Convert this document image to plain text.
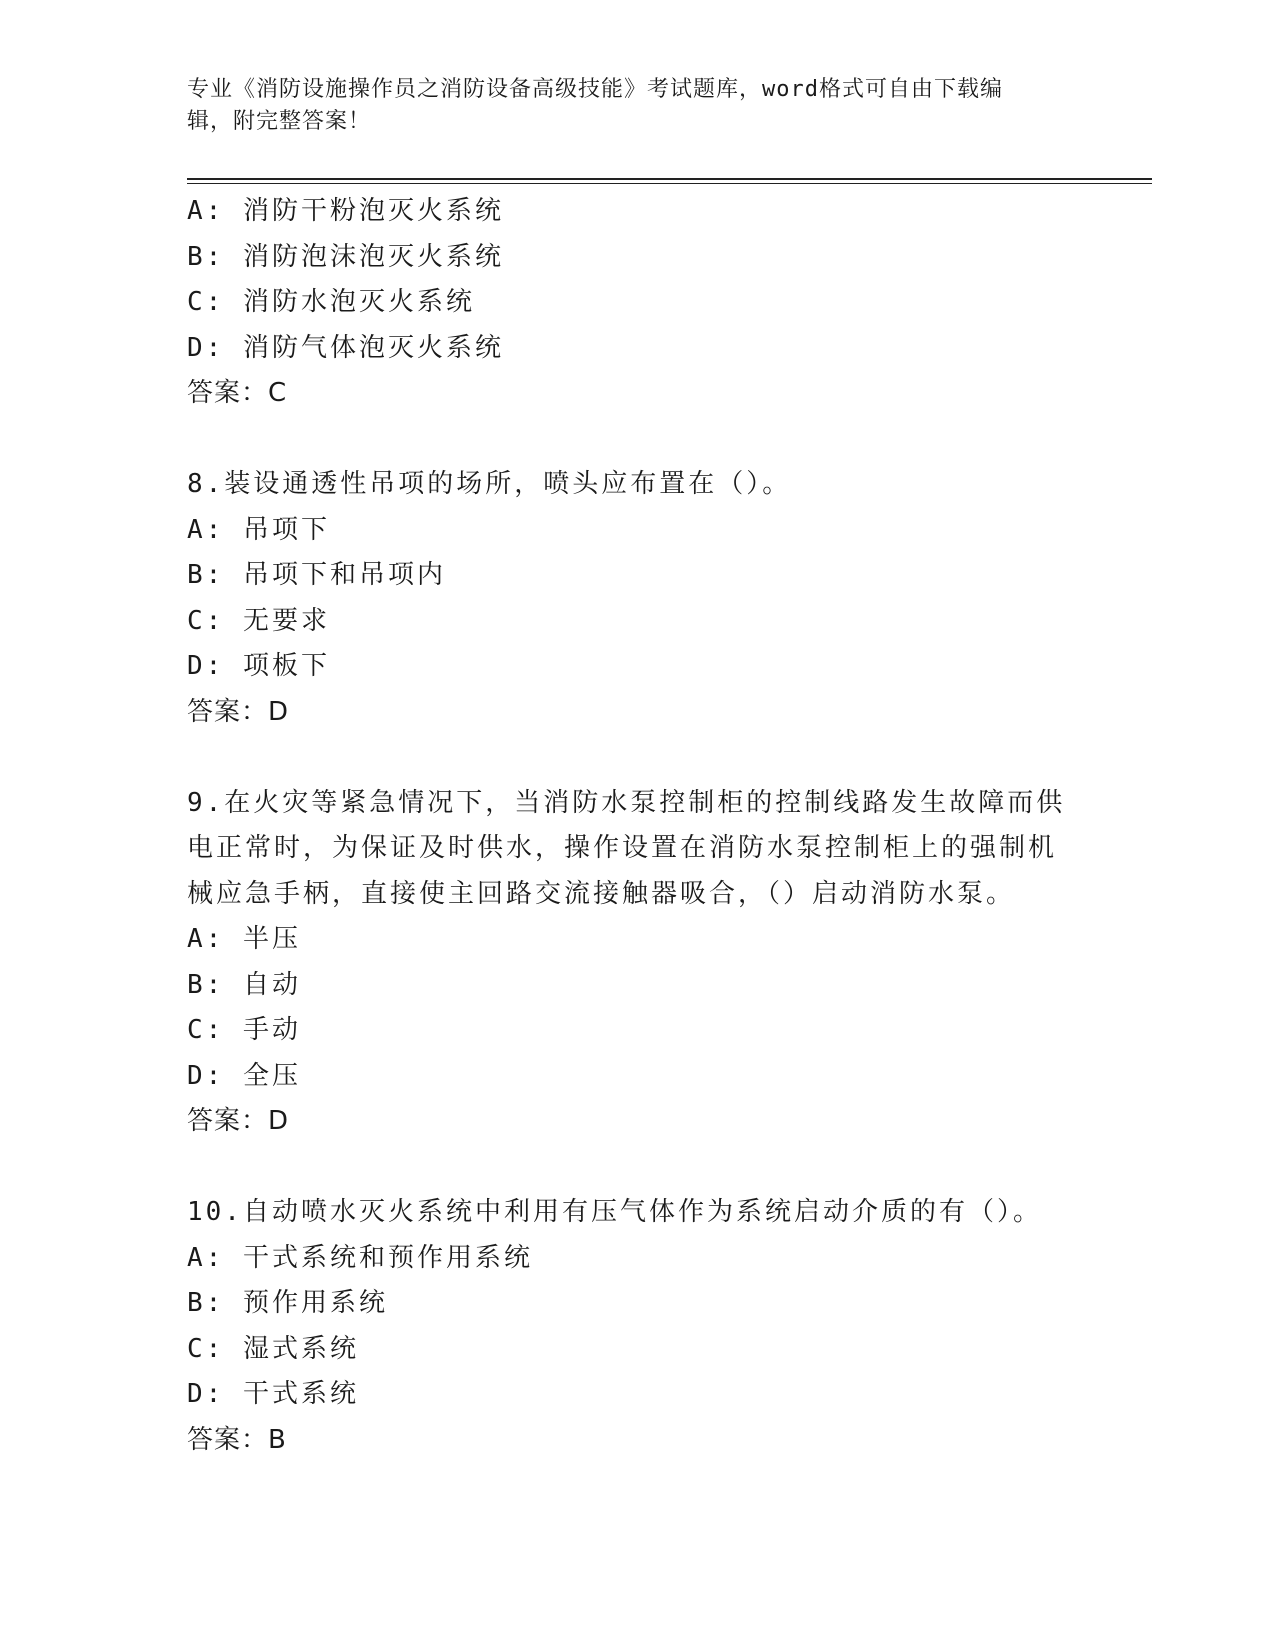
专业《消防设施操作员之消防设备高级技能》考试题库，word格式可自由下载编
辑，附完整答案！
A: 消防干粉泡灭火系统
B: 消防泡沫泡灭火系统
C: 消防水泡灭火系统
D: 消防气体泡灭火系统
答案：C
8.装设通透性吊项的场所，喷头应布置在（）。
A: 吊项下
B: 吊项下和吊项内
C: 无要求
D: 项板下
答案：D
9.在火灾等紧急情况下，当消防水泵控制柜的控制线路发生故障而供
电正常时，为保证及时供水，操作设置在消防水泵控制柜上的强制机
械应急手柄，直接使主回路交流接触器吸合，（）启动消防水泵。
A: 半压
B: 自动
C: 手动
D: 全压
答案：D
10.自动喷水灭火系统中利用有压气体作为系统启动介质的有（）。
A: 干式系统和预作用系统
B: 预作用系统
C: 湿式系统
D: 干式系统
答案：B
